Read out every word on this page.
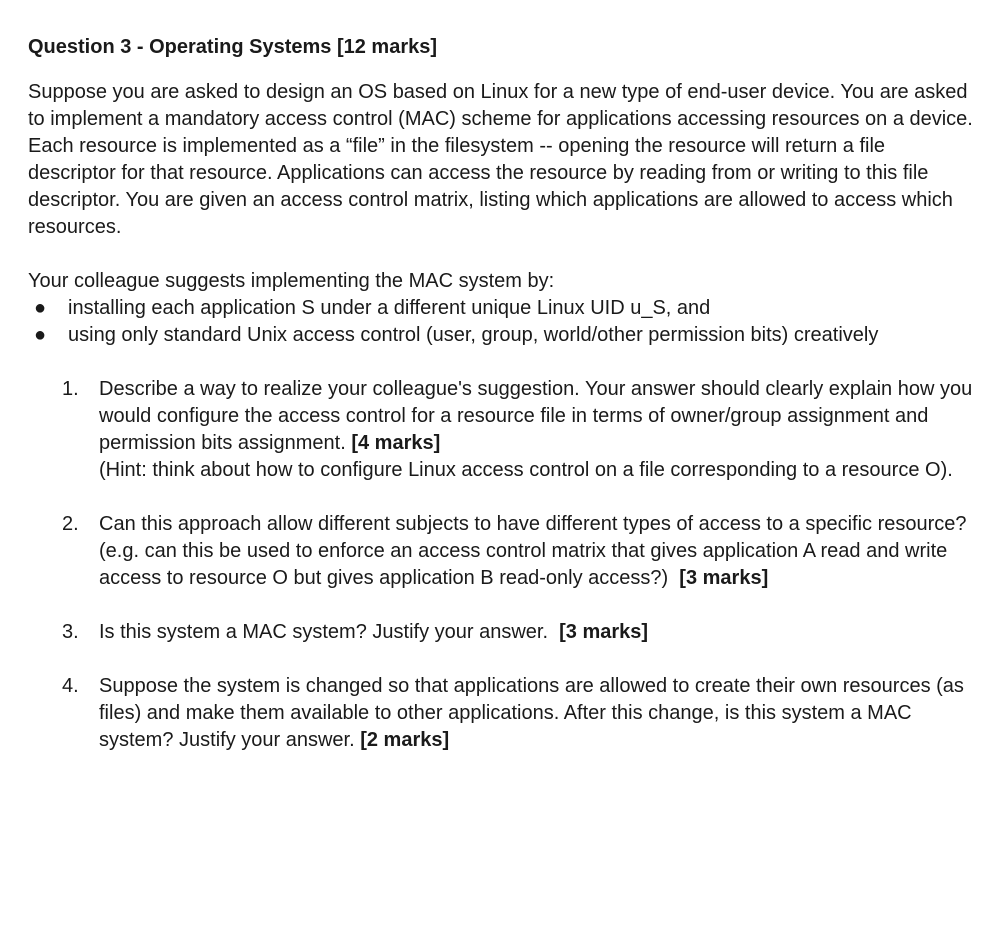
Question 3 - Operating Systems [12 marks]

Suppose you are asked to design an OS based on Linux for a new type of end-user device. You are asked to implement a mandatory access control (MAC) scheme for applications accessing resources on a device. Each resource is implemented as a “file” in the filesystem -- opening the resource will return a file descriptor for that resource. Applications can access the resource by reading from or writing to this file descriptor. You are given an access control matrix, listing which applications are allowed to access which resources.

Your colleague suggests implementing the MAC system by:

● installing each application S under a different unique Linux UID u_S, and
● using only standard Unix access control (user, group, world/other permission bits) creatively
1. Describe a way to realize your colleague's suggestion. Your answer should clearly explain how you would configure the access control for a resource file in terms of owner/group assignment and permission bits assignment. [4 marks]
(Hint: think about how to configure Linux access control on a file corresponding to a resource O).
2. Can this approach allow different subjects to have different types of access to a specific resource? (e.g. can this be used to enforce an access control matrix that gives application A read and write access to resource O but gives application B read-only access?) [3 marks]
3. Is this system a MAC system? Justify your answer. [3 marks]
4. Suppose the system is changed so that applications are allowed to create their own resources (as files) and make them available to other applications. After this change, is this system a MAC system? Justify your answer. [2 marks]
